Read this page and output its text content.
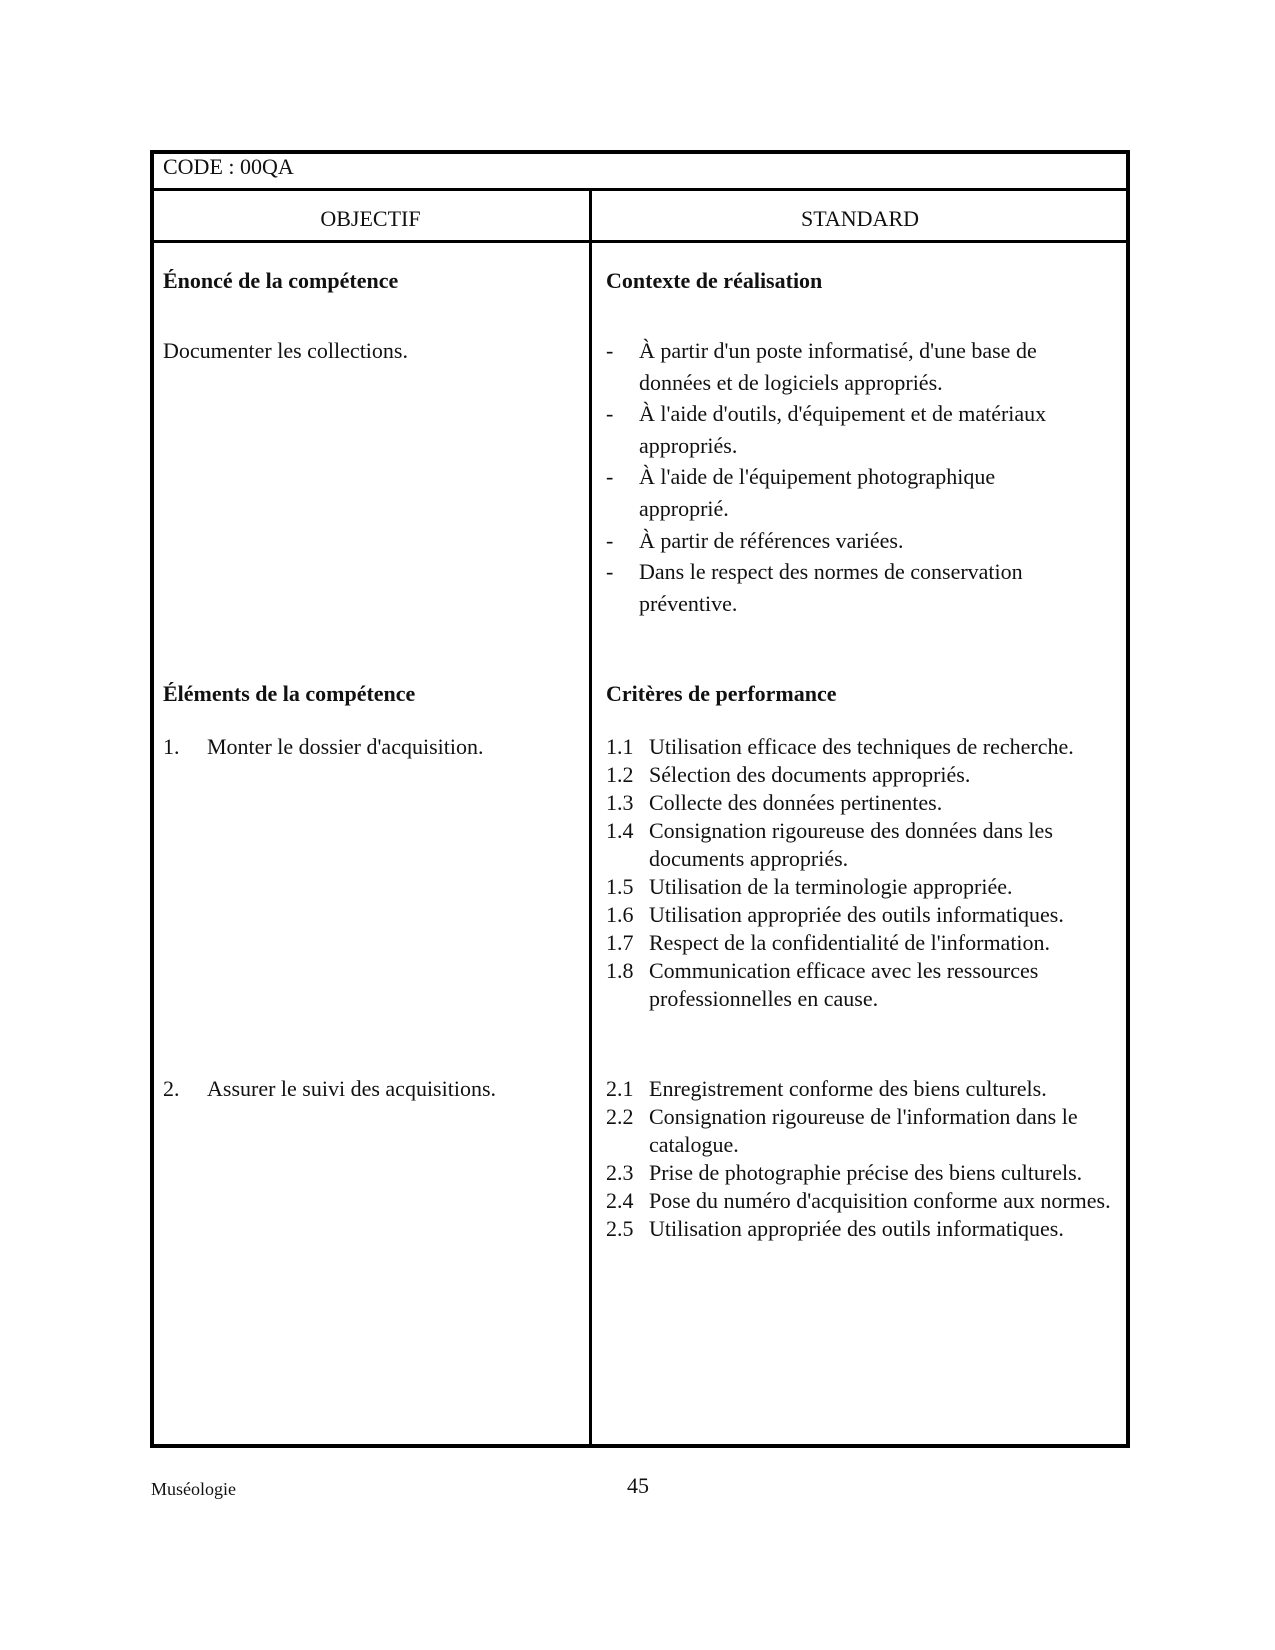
CODE : 00QA
OBJECTIF	STANDARD
Énoncé de la compétence
Documenter les collections.
Éléments de la compétence
1. Monter le dossier d'acquisition.
2. Assurer le suivi des acquisitions.
Contexte de réalisation
- À partir d'un poste informatisé, d'une base de données et de logiciels appropriés.
- À l'aide d'outils, d'équipement et de matériaux appropriés.
- À l'aide de l'équipement photographique approprié.
- À partir de références variées.
- Dans le respect des normes de conservation préventive.
Critères de performance
1.1 Utilisation efficace des techniques de recherche.
1.2 Sélection des documents appropriés.
1.3 Collecte des données pertinentes.
1.4 Consignation rigoureuse des données dans les documents appropriés.
1.5 Utilisation de la terminologie appropriée.
1.6 Utilisation appropriée des outils informatiques.
1.7 Respect de la confidentialité de l'information.
1.8 Communication efficace avec les ressources professionnelles en cause.
2.1 Enregistrement conforme des biens culturels.
2.2 Consignation rigoureuse de l'information dans le catalogue.
2.3 Prise de photographie précise des biens culturels.
2.4 Pose du numéro d'acquisition conforme aux normes.
2.5 Utilisation appropriée des outils informatiques.
Muséologie	45
